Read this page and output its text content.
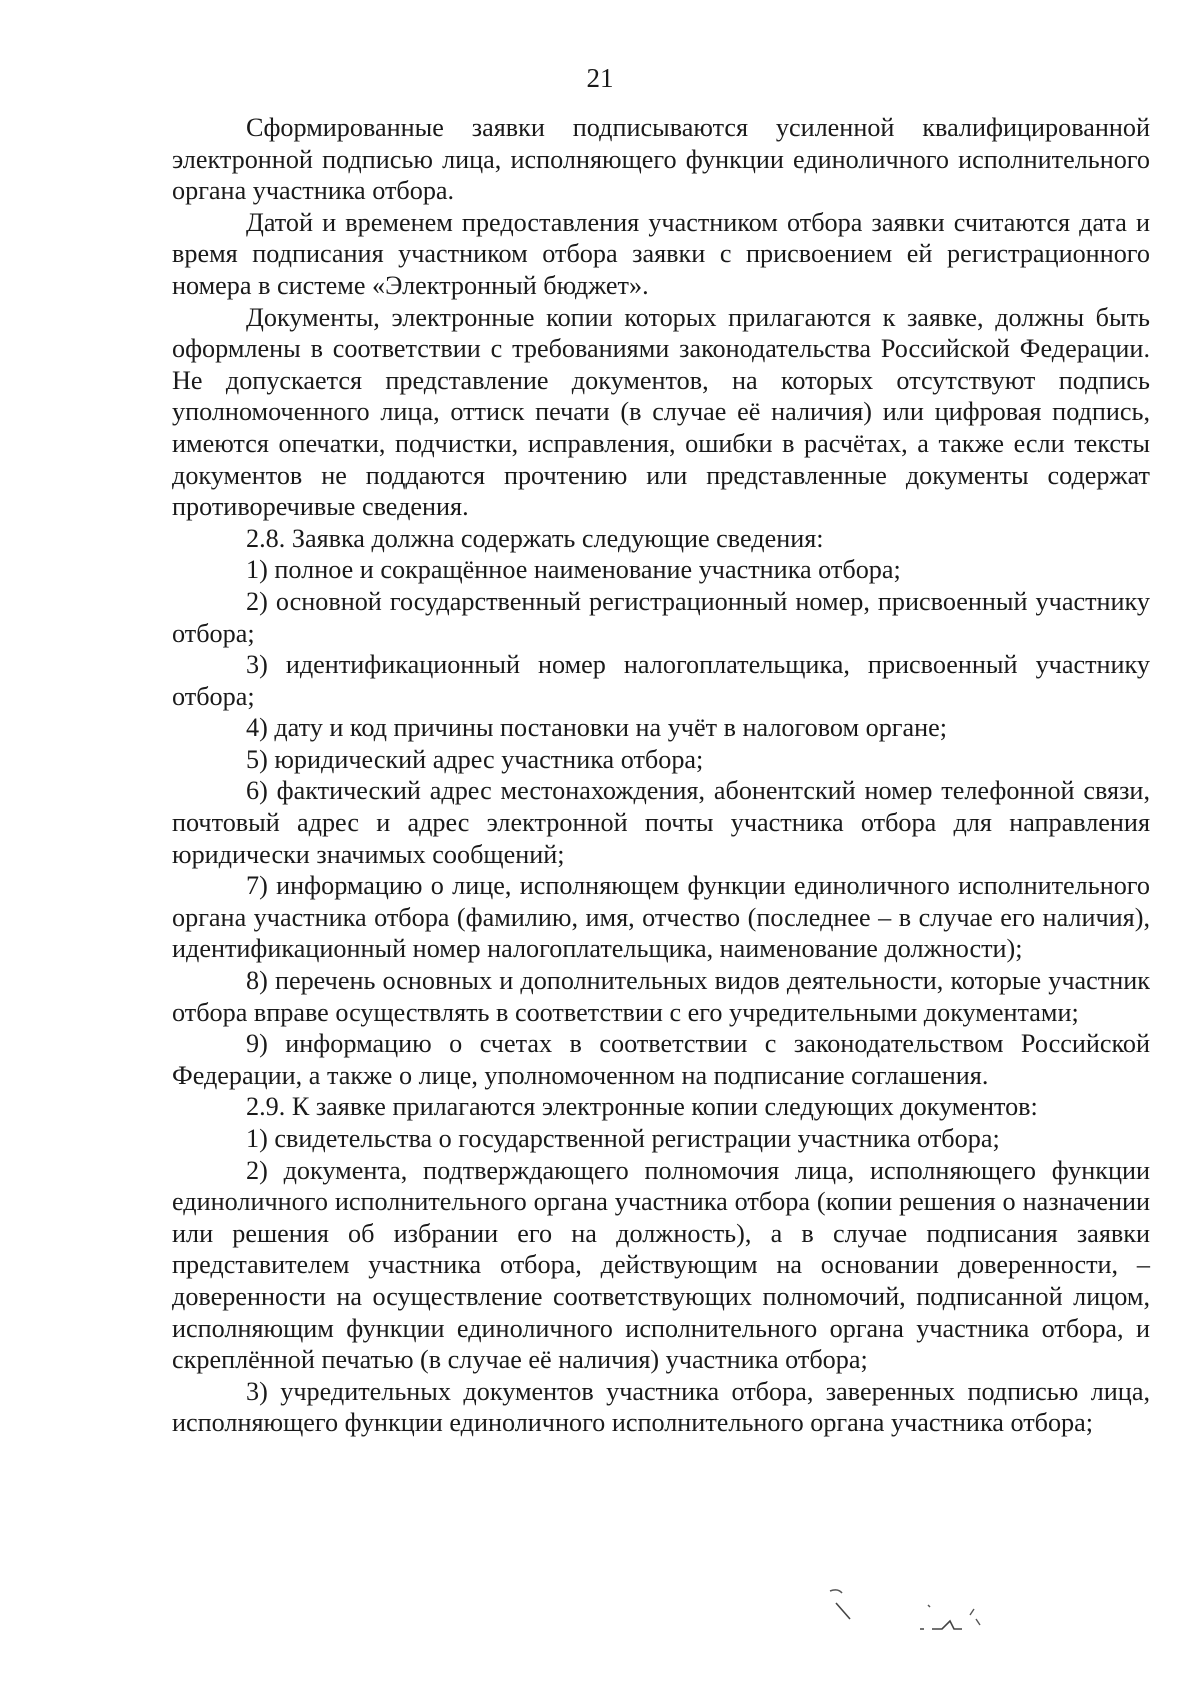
21

Сформированные заявки подписываются усиленной квалифицированной электронной подписью лица, исполняющего функции единоличного исполнительного органа участника отбора.

Датой и временем предоставления участником отбора заявки считаются дата и время подписания участником отбора заявки с присвоением ей регистрационного номера в системе «Электронный бюджет».

Документы, электронные копии которых прилагаются к заявке, должны быть оформлены в соответствии с требованиями законодательства Российской Федерации. Не допускается представление документов, на которых отсутствуют подпись уполномоченного лица, оттиск печати (в случае её наличия) или цифровая подпись, имеются опечатки, подчистки, исправления, ошибки в расчётах, а также если тексты документов не поддаются прочтению или представленные документы содержат противоречивые сведения.

2.8. Заявка должна содержать следующие сведения:

1) полное и сокращённое наименование участника отбора;

2) основной государственный регистрационный номер, присвоенный участнику отбора;

3) идентификационный номер налогоплательщика, присвоенный участнику отбора;

4) дату и код причины постановки на учёт в налоговом органе;

5) юридический адрес участника отбора;

6) фактический адрес местонахождения, абонентский номер телефонной связи, почтовый адрес и адрес электронной почты участника отбора для направления юридически значимых сообщений;

7) информацию о лице, исполняющем функции единоличного исполнительного органа участника отбора (фамилию, имя, отчество (последнее – в случае его наличия), идентификационный номер налогоплательщика, наименование должности);

8) перечень основных и дополнительных видов деятельности, которые участник отбора вправе осуществлять в соответствии с его учредительными документами;

9) информацию о счетах в соответствии с законодательством Российской Федерации, а также о лице, уполномоченном на подписание соглашения.

2.9. К заявке прилагаются электронные копии следующих документов:

1) свидетельства о государственной регистрации участника отбора;

2) документа, подтверждающего полномочия лица, исполняющего функции единоличного исполнительного органа участника отбора (копии решения о назначении или решения об избрании его на должность), а в случае подписания заявки представителем участника отбора, действующим на основании доверенности, – доверенности на осуществление соответствующих полномочий, подписанной лицом, исполняющим функции единоличного исполнительного органа участника отбора, и скреплённой печатью (в случае её наличия) участника отбора;

3) учредительных документов участника отбора, заверенных подписью лица, исполняющего функции единоличного исполнительного органа участника отбора;
